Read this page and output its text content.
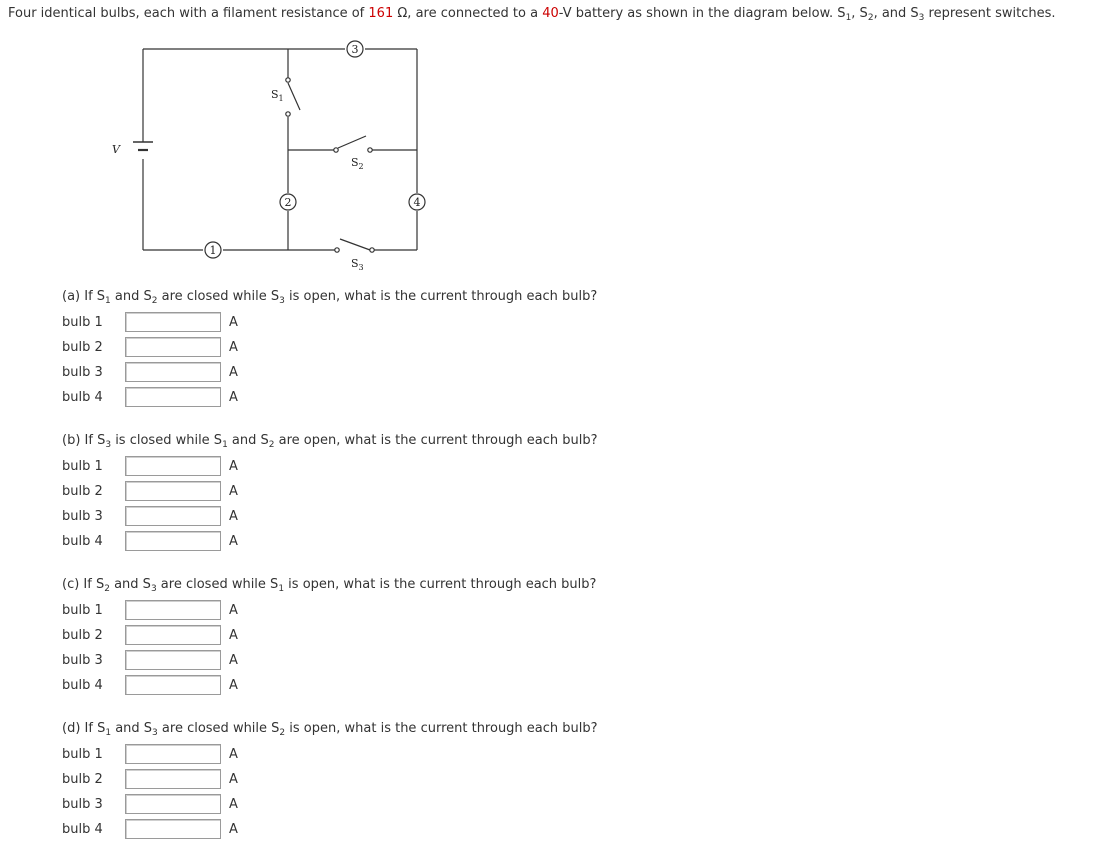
Four identical bulbs, each with a filament resistance of 161 Ω, are connected to a 40-V battery as shown in the diagram below. $S_1$, $S_2$, and $S_3$ represent switches.
V
$S_1$
$S_2$
$S_3$
1
2
3
4
(a) If $S_1$ and $S_2$ are closed while $S_3$ is open, what is the current through each bulb?
bulb 1	A
bulb 2	A
bulb 3	A
bulb 4	A
(b) If $S_3$ is closed while $S_1$ and $S_2$ are open, what is the current through each bulb?
bulb 1	A
bulb 2	A
bulb 3	A
bulb 4	A
(c) If $S_2$ and $S_3$ are closed while $S_1$ is open, what is the current through each bulb?
bulb 1	A
bulb 2	A
bulb 3	A
bulb 4	A
(d) If $S_1$ and $S_3$ are closed while $S_2$ is open, what is the current through each bulb?
bulb 1	A
bulb 2	A
bulb 3	A
bulb 4	A
